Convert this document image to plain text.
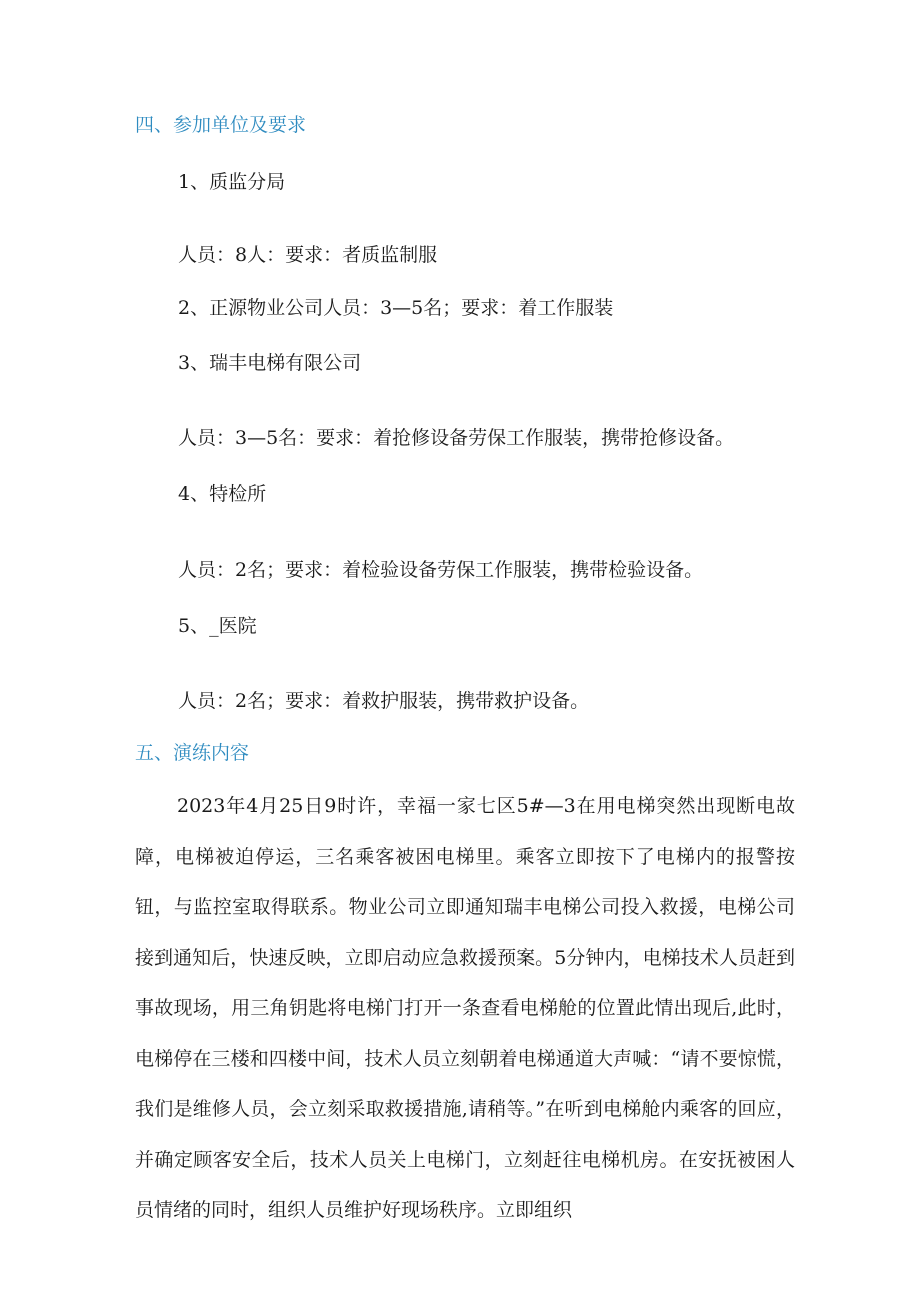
四、参加单位及要求
1、质监分局
人员：8人：要求：者质监制服
2、正源物业公司人员：3—5名；要求：着工作服装
3、瑞丰电梯有限公司
人员：3—5名：要求：着抢修设备劳保工作服装，携带抢修设备。
4、特检所
人员：2名；要求：着检验设备劳保工作服装，携带检验设备。
5、_医院
人员：2名；要求：着救护服装，携带救护设备。
五、演练内容
2023年4月25日9时许，幸福一家七区5#—3在用电梯突然出现断电故障，电梯被迫停运，三名乘客被困电梯里。乘客立即按下了电梯内的报警按钮，与监控室取得联系。物业公司立即通知瑞丰电梯公司投入救援，电梯公司接到通知后，快速反映，立即启动应急救援预案。5分钟内，电梯技术人员赶到事故现场，用三角钥匙将电梯门打开一条查看电梯舱的位置此情出现后,此时，电梯停在三楼和四楼中间，技术人员立刻朝着电梯通道大声喊：“请不要惊慌，我们是维修人员，会立刻采取救援措施,请稍等。”在听到电梯舱内乘客的回应，并确定顾客安全后，技术人员关上电梯门，立刻赶往电梯机房。在安抚被困人员情绪的同时，组织人员维护好现场秩序。立即组织
